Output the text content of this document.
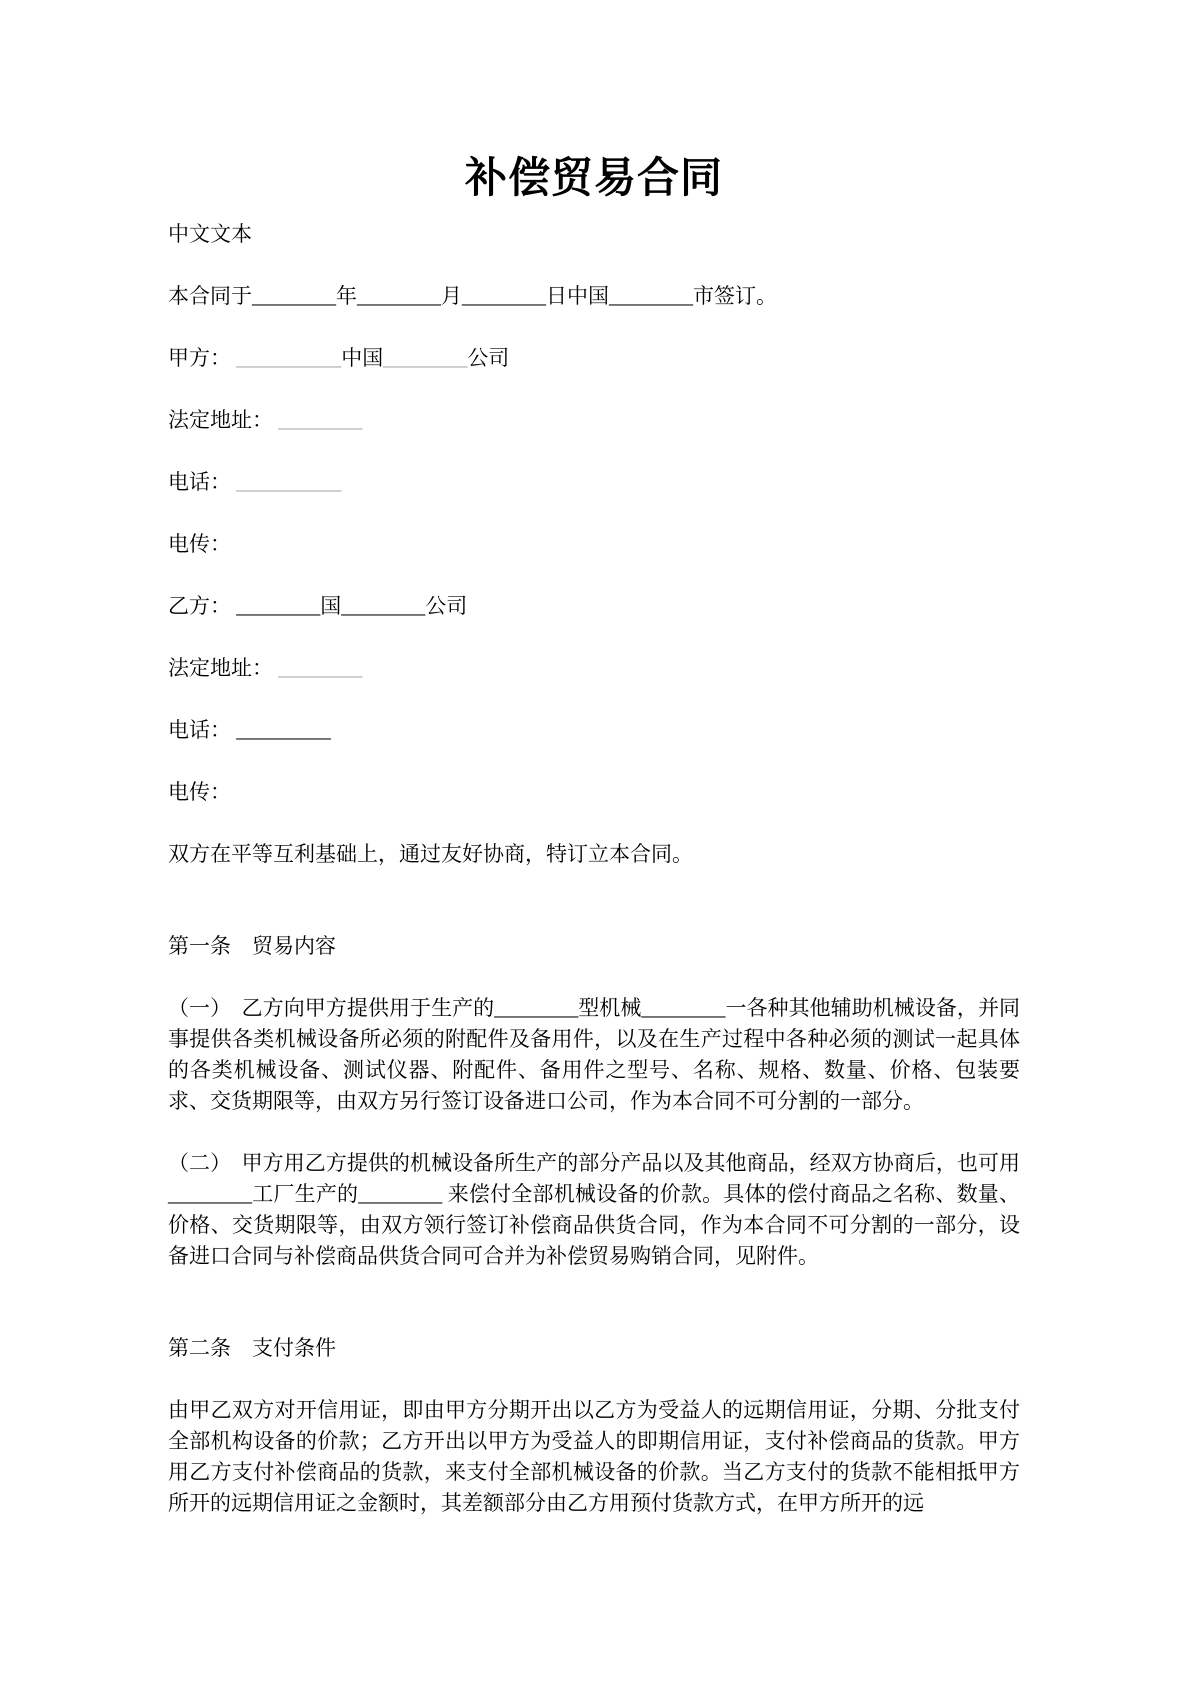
补偿贸易合同

中文文本

本合同于________年________月________日中国________市签订。

甲方： __________中国________公司

法定地址： ________

电话： __________

电传：

乙方： ________国________公司

法定地址： ________

电话： _________

电传：

双方在平等互利基础上，通过友好协商，特订立本合同。

第一条　贸易内容

（一）　乙方向甲方提供用于生产的________型机械________一各种其他辅助机械设备，并同事提供各类机械设备所必须的附配件及备用件，以及在生产过程中各种必须的测试一起具体的各类机械设备、测试仪器、附配件、备用件之型号、名称、规格、数量、价格、包装要求、交货期限等，由双方另行签订设备进口公司，作为本合同不可分割的一部分。

（二）　甲方用乙方提供的机械设备所生产的部分产品以及其他商品，经双方协商后，也可用________工厂生产的________ 来偿付全部机械设备的价款。具体的偿付商品之名称、数量、价格、交货期限等，由双方领行签订补偿商品供货合同，作为本合同不可分割的一部分，设备进口合同与补偿商品供货合同可合并为补偿贸易购销合同，见附件。

第二条　支付条件

由甲乙双方对开信用证，即由甲方分期开出以乙方为受益人的远期信用证，分期、分批支付全部机构设备的价款；乙方开出以甲方为受益人的即期信用证，支付补偿商品的货款。甲方用乙方支付补偿商品的货款，来支付全部机械设备的价款。当乙方支付的货款不能相抵甲方所开的远期信用证之金额时，其差额部分由乙方用预付货款方式，在甲方所开的远
